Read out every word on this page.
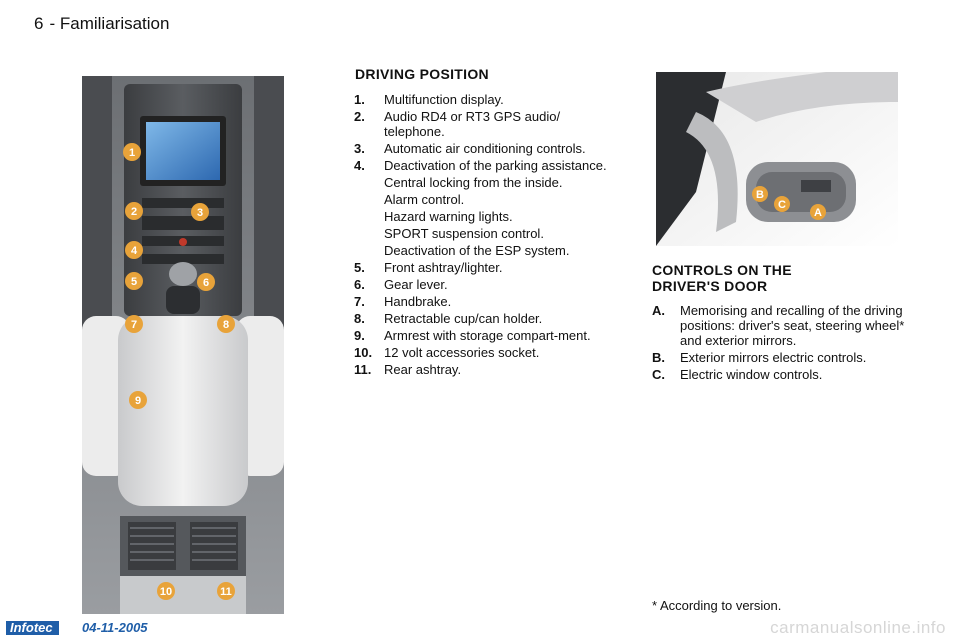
6 - Familiarisation
1
2	3
4
5	6
7	8
9
10	11
B
C
A
DRIVING POSITION
1. Multifunction display.
2. Audio RD4 or RT3 GPS audio/ telephone.
3. Automatic air conditioning controls.
4. Deactivation of the parking assistance.
Central locking from the inside.
Alarm control.
Hazard warning lights.
SPORT suspension control.
Deactivation of the ESP system.
5. Front ashtray/lighter.
6. Gear lever.
7. Handbrake.
8. Retractable cup/can holder.
9. Armrest with storage compart-ment.
10. 12 volt accessories socket.
11. Rear ashtray.
CONTROLS ON THE
DRIVER'S DOOR
A. Memorising and recalling of the driving positions: driver's seat, steering wheel* and exterior mirrors.
B. Exterior mirrors electric controls.
C. Electric window controls.
* According to version.
Infotec	04-11-2005	carmanualsonline.info
